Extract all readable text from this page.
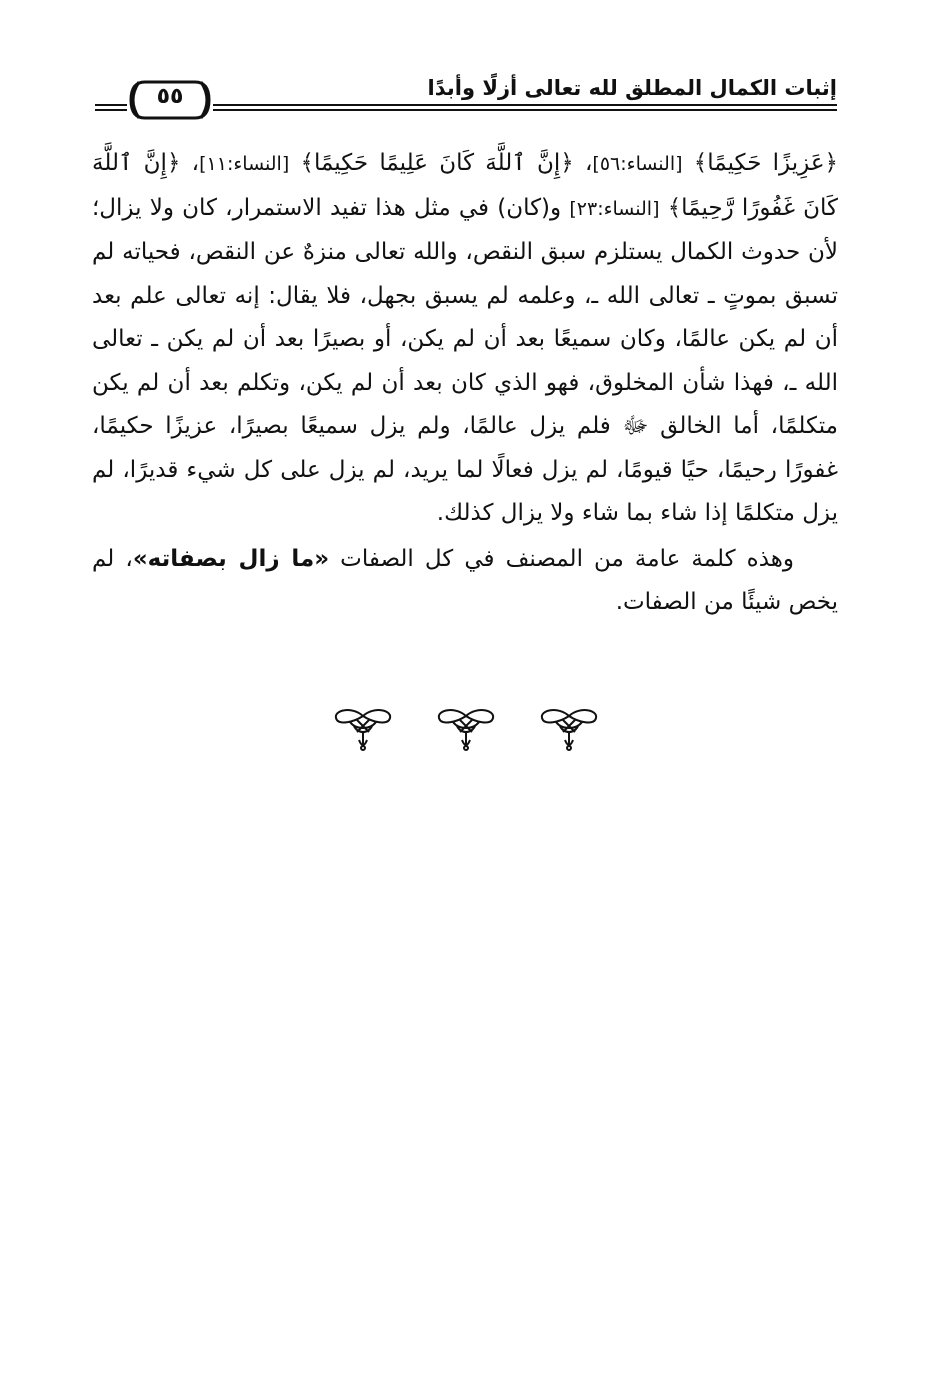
إثبات الكمال المطلق لله تعالى أزلًا وأبدًا
٥٥

﴿عَزِيزًا حَكِيمًا﴾ [النساء:٥٦]، ﴿إِنَّ ٱللَّهَ كَانَ عَلِيمًا حَكِيمًا﴾ [النساء:١١]، ﴿إِنَّ ٱللَّهَ كَانَ غَفُورًا رَّحِيمًا﴾ [النساء:٢٣] و(كان) في مثل هذا تفيد الاستمرار، كان ولا يزال؛ لأن حدوث الكمال يستلزم سبق النقص، والله تعالى منزهٌ عن النقص، فحياته لم تسبق بموتٍ ـ تعالى الله ـ، وعلمه لم يسبق بجهل، فلا يقال: إنه تعالى علم بعد أن لم يكن عالمًا، وكان سميعًا بعد أن لم يكن، أو بصيرًا بعد أن لم يكن ـ تعالى الله ـ، فهذا شأن المخلوق، فهو الذي كان بعد أن لم يكن، وتكلم بعد أن لم يكن متكلمًا، أما الخالق ﷻ فلم يزل عالمًا، ولم يزل سميعًا بصيرًا، عزيزًا حكيمًا، غفورًا رحيمًا، حيًا قيومًا، لم يزل فعالًا لما يريد، لم يزل على كل شيء قديرًا، لم يزل متكلمًا إذا شاء بما شاء ولا يزال كذلك.

وهذه كلمة عامة من المصنف في كل الصفات «ما زال بصفاته»، لم يخص شيئًا من الصفات.
